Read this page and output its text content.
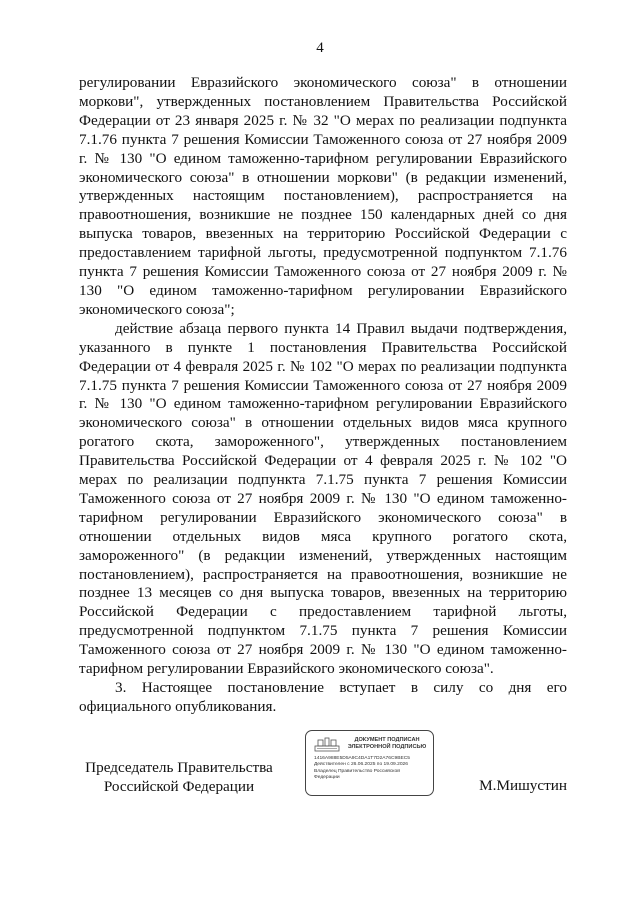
4

регулировании Евразийского экономического союза" в отношении моркови", утвержденных постановлением Правительства Российской Федерации от 23 января 2025 г. № 32 "О мерах по реализации подпункта 7.1.76 пункта 7 решения Комиссии Таможенного союза от 27 ноября 2009 г. № 130 "О едином таможенно-тарифном регулировании Евразийского экономического союза" в отношении моркови" (в редакции изменений, утвержденных настоящим постановлением), распространяется на правоотношения, возникшие не позднее 150 календарных дней со дня выпуска товаров, ввезенных на территорию Российской Федерации с предоставлением тарифной льготы, предусмотренной подпунктом 7.1.76 пункта 7 решения Комиссии Таможенного союза от 27 ноября 2009 г. № 130 "О едином таможенно-тарифном регулировании Евразийского экономического союза";

действие абзаца первого пункта 14 Правил выдачи подтверждения, указанного в пункте 1 постановления Правительства Российской Федерации от 4 февраля 2025 г. № 102 "О мерах по реализации подпункта 7.1.75 пункта 7 решения Комиссии Таможенного союза от 27 ноября 2009 г. № 130 "О едином таможенно-тарифном регулировании Евразийского экономического союза" в отношении отдельных видов мяса крупного рогатого скота, замороженного", утвержденных постановлением Правительства Российской Федерации от 4 февраля 2025 г. № 102 "О мерах по реализации подпункта 7.1.75 пункта 7 решения Комиссии Таможенного союза от 27 ноября 2009 г. № 130 "О едином таможенно-тарифном регулировании Евразийского экономического союза" в отношении отдельных видов мяса крупного рогатого скота, замороженного" (в редакции изменений, утвержденных настоящим постановлением), распространяется на правоотношения, возникшие не позднее 13 месяцев со дня выпуска товаров, ввезенных на территорию Российской Федерации с предоставлением тарифной льготы, предусмотренной подпунктом 7.1.75 пункта 7 решения Комиссии Таможенного союза от 27 ноября 2009 г. № 130 "О едином таможенно-тарифном регулировании Евразийского экономического союза".

3. Настоящее постановление вступает в силу со дня его официального опубликования.

Председатель Правительства
Российской Федерации
ДОКУМЕНТ ПОДПИСАН
ЭЛЕКТРОННОЙ ПОДПИСЬЮ
1416A988E5D5A9C4DA1T7D2A76C9BEC5
Действителен с 26.06.2025 по 19.09.2026
Владелец Правительство Российской
Федерации	М.Мишустин
